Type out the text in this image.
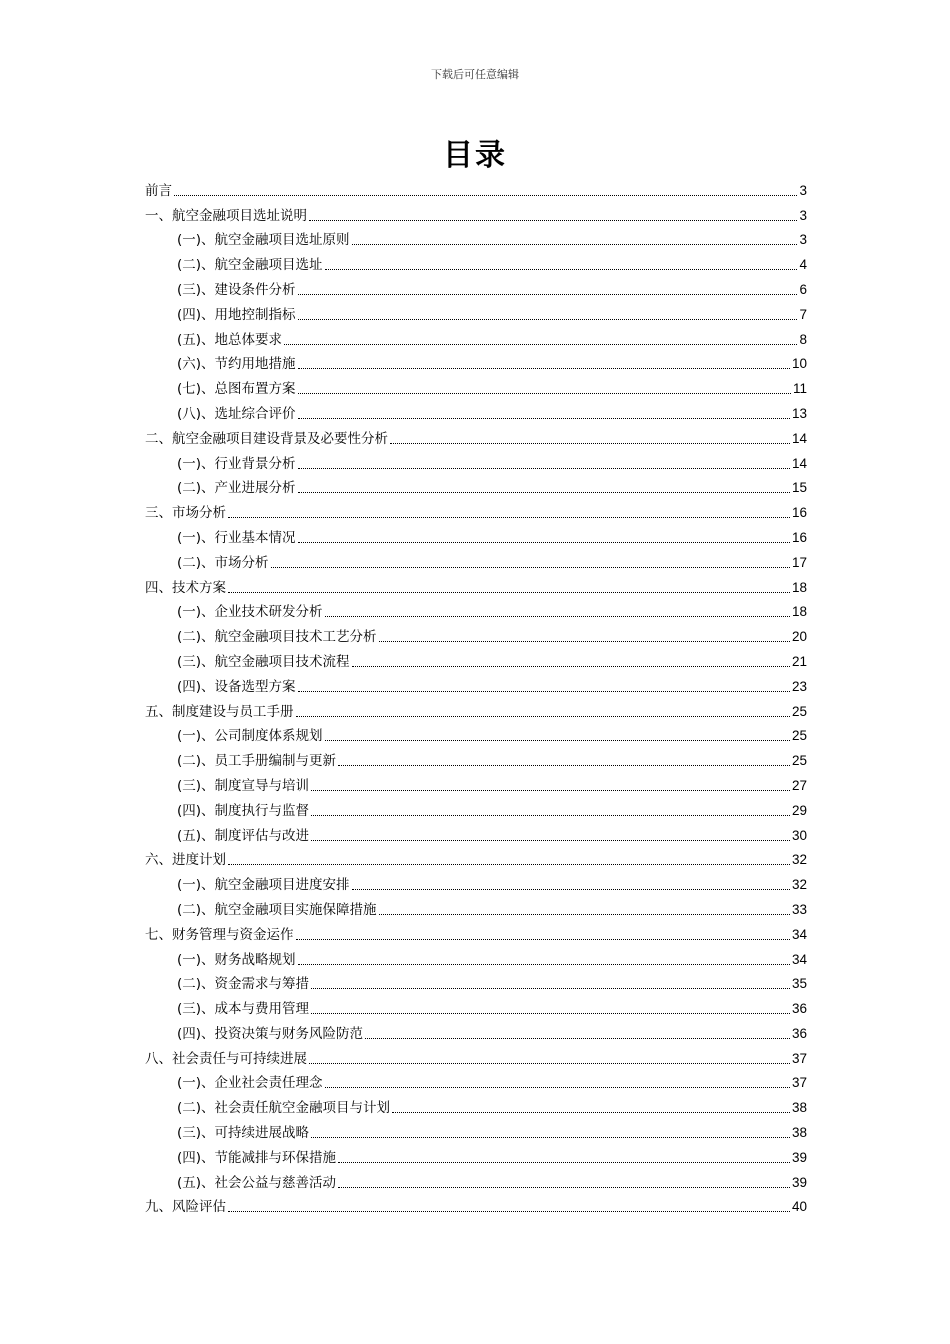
下载后可任意编辑
目录
前言	3
一、航空金融项目选址说明	3
(一)、航空金融项目选址原则	3
(二)、航空金融项目选址	4
(三)、建设条件分析	6
(四)、用地控制指标	7
(五)、地总体要求	8
(六)、节约用地措施	10
(七)、总图布置方案	11
(八)、选址综合评价	13
二、航空金融项目建设背景及必要性分析	14
(一)、行业背景分析	14
(二)、产业进展分析	15
三、市场分析	16
(一)、行业基本情况	16
(二)、市场分析	17
四、技术方案	18
(一)、企业技术研发分析	18
(二)、航空金融项目技术工艺分析	20
(三)、航空金融项目技术流程	21
(四)、设备选型方案	23
五、制度建设与员工手册	25
(一)、公司制度体系规划	25
(二)、员工手册编制与更新	25
(三)、制度宣导与培训	27
(四)、制度执行与监督	29
(五)、制度评估与改进	30
六、进度计划	32
(一)、航空金融项目进度安排	32
(二)、航空金融项目实施保障措施	33
七、财务管理与资金运作	34
(一)、财务战略规划	34
(二)、资金需求与筹措	35
(三)、成本与费用管理	36
(四)、投资决策与财务风险防范	36
八、社会责任与可持续进展	37
(一)、企业社会责任理念	37
(二)、社会责任航空金融项目与计划	38
(三)、可持续进展战略	38
(四)、节能减排与环保措施	39
(五)、社会公益与慈善活动	39
九、风险评估	40
